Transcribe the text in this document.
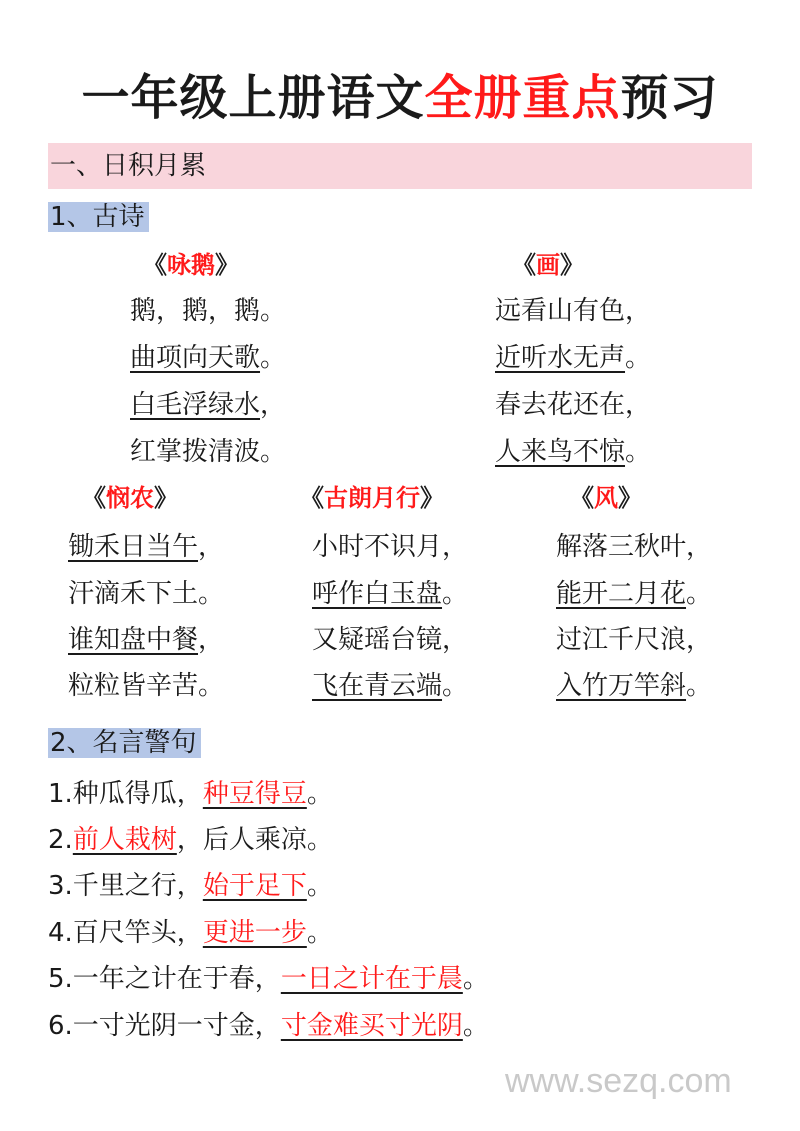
一年级上册语文全册重点预习
一、日积月累
1、古诗
《咏鹅》
鹅，鹅，鹅。
曲项向天歌。
白毛浮绿水，
红掌拨清波。
《画》
远看山有色，
近听水无声。
春去花还在，
人来鸟不惊。
《悯农》
锄禾日当午，
汗滴禾下土。
谁知盘中餐，
粒粒皆辛苦。
《古朗月行》
小时不识月，
呼作白玉盘。
又疑瑶台镜，
飞在青云端。
《风》
解落三秋叶，
能开二月花。
过江千尺浪，
入竹万竿斜。
2、名言警句
1.种瓜得瓜，种豆得豆。
2.前人栽树，后人乘凉。
3.千里之行，始于足下。
4.百尺竿头，更进一步。
5.一年之计在于春，一日之计在于晨。
6.一寸光阴一寸金，寸金难买寸光阴。
www.sezq.com
